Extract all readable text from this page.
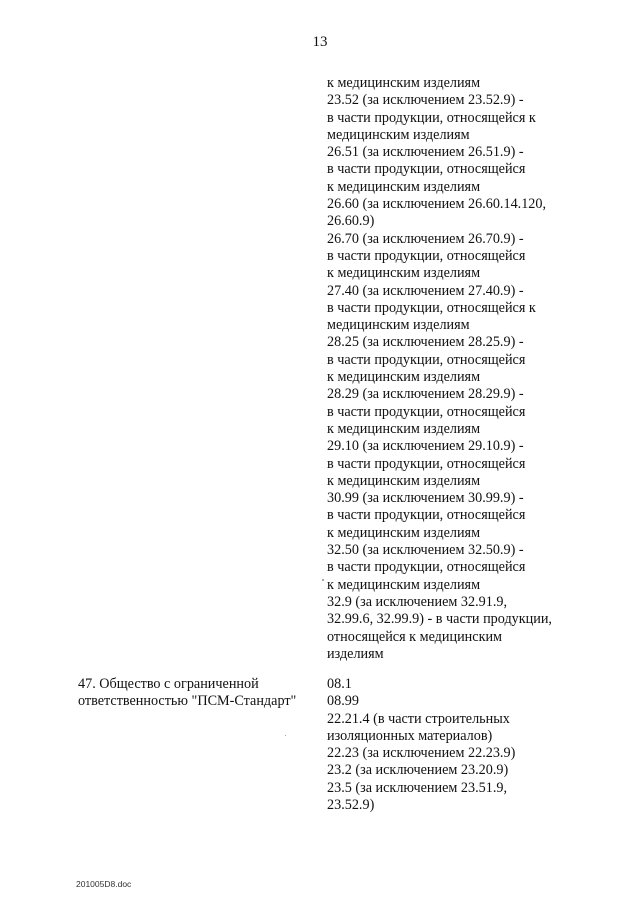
13
к медицинским изделиям
23.52 (за исключением 23.52.9) -
в части продукции, относящейся к
медицинским изделиям
26.51 (за исключением 26.51.9) -
в части продукции, относящейся
к медицинским изделиям
26.60 (за исключением 26.60.14.120,
26.60.9)
26.70 (за исключением 26.70.9) -
в части продукции, относящейся
к медицинским изделиям
27.40 (за исключением 27.40.9) -
в части продукции, относящейся к
медицинским изделиям
28.25 (за исключением 28.25.9) -
в части продукции, относящейся
к медицинским изделиям
28.29 (за исключением 28.29.9) -
в части продукции, относящейся
к медицинским изделиям
29.10 (за исключением 29.10.9) -
в части продукции, относящейся
к медицинским изделиям
30.99 (за исключением 30.99.9) -
в части продукции, относящейся
к медицинским изделиям
32.50 (за исключением 32.50.9) -
в части продукции, относящейся
к медицинским изделиям
32.9 (за исключением 32.91.9,
32.99.6, 32.99.9) - в части продукции,
относящейся к медицинским
изделиям
47. Общество с ограниченной
ответственностью "ПСМ-Стандарт"
08.1
08.99
22.21.4 (в части строительных
изоляционных материалов)
22.23 (за исключением 22.23.9)
23.2 (за исключением 23.20.9)
23.5 (за исключением 23.51.9,
23.52.9)
201005D8.doc
